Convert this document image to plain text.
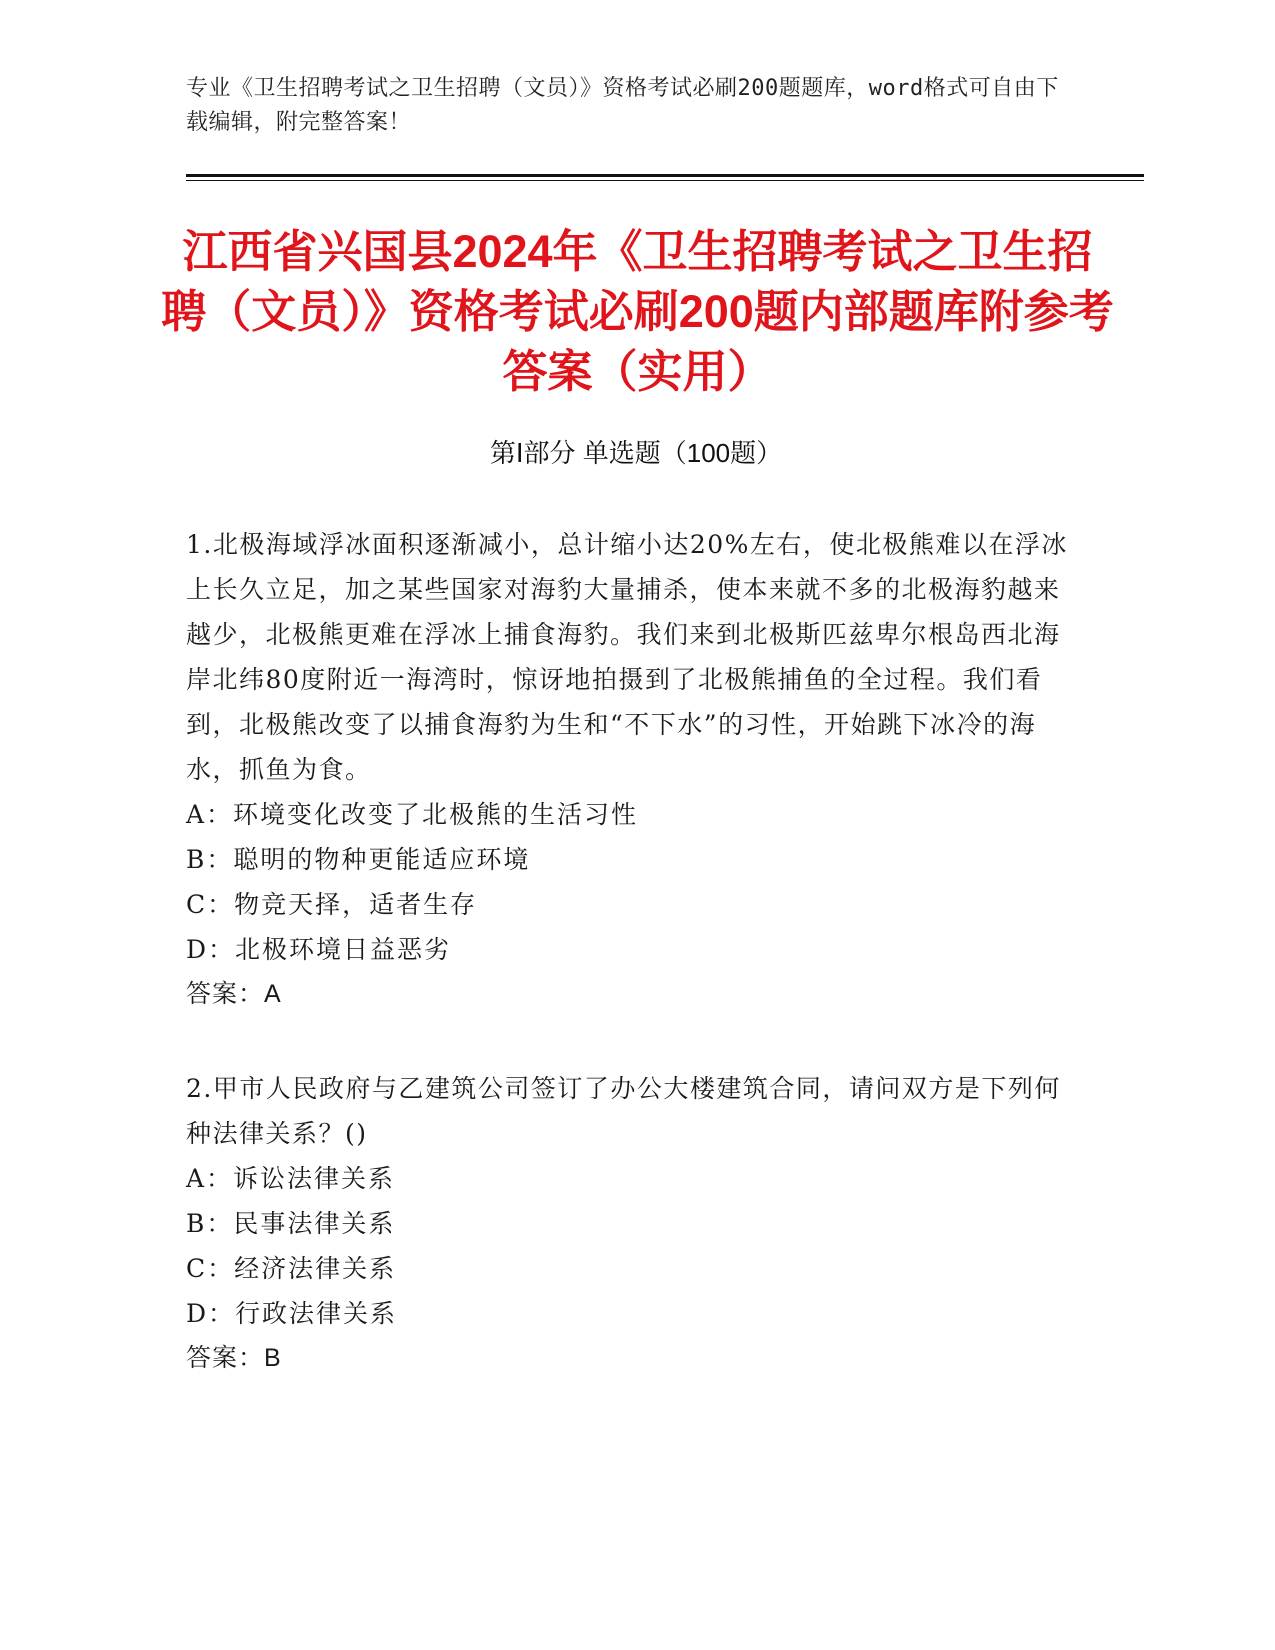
专业《卫生招聘考试之卫生招聘（文员）》资格考试必刷200题题库，word格式可自由下载编辑，附完整答案！
江西省兴国县2024年《卫生招聘考试之卫生招聘（文员）》资格考试必刷200题内部题库附参考答案（实用）
第Ⅰ部分 单选题（100题）

1.北极海域浮冰面积逐渐减小，总计缩小达20%左右，使北极熊难以在浮冰上长久立足，加之某些国家对海豹大量捕杀，使本来就不多的北极海豹越来越少，北极熊更难在浮冰上捕食海豹。我们来到北极斯匹兹卑尔根岛西北海岸北纬80度附近一海湾时，惊讶地拍摄到了北极熊捕鱼的全过程。我们看到，北极熊改变了以捕食海豹为生和“不下水”的习性，开始跳下冰冷的海水，抓鱼为食。

A：环境变化改变了北极熊的生活习性

B：聪明的物种更能适应环境

C：物竞天择，适者生存

D：北极环境日益恶劣

答案：A

2.甲市人民政府与乙建筑公司签订了办公大楼建筑合同，请问双方是下列何种法律关系？()

A：诉讼法律关系

B：民事法律关系

C：经济法律关系

D：行政法律关系

答案：B
